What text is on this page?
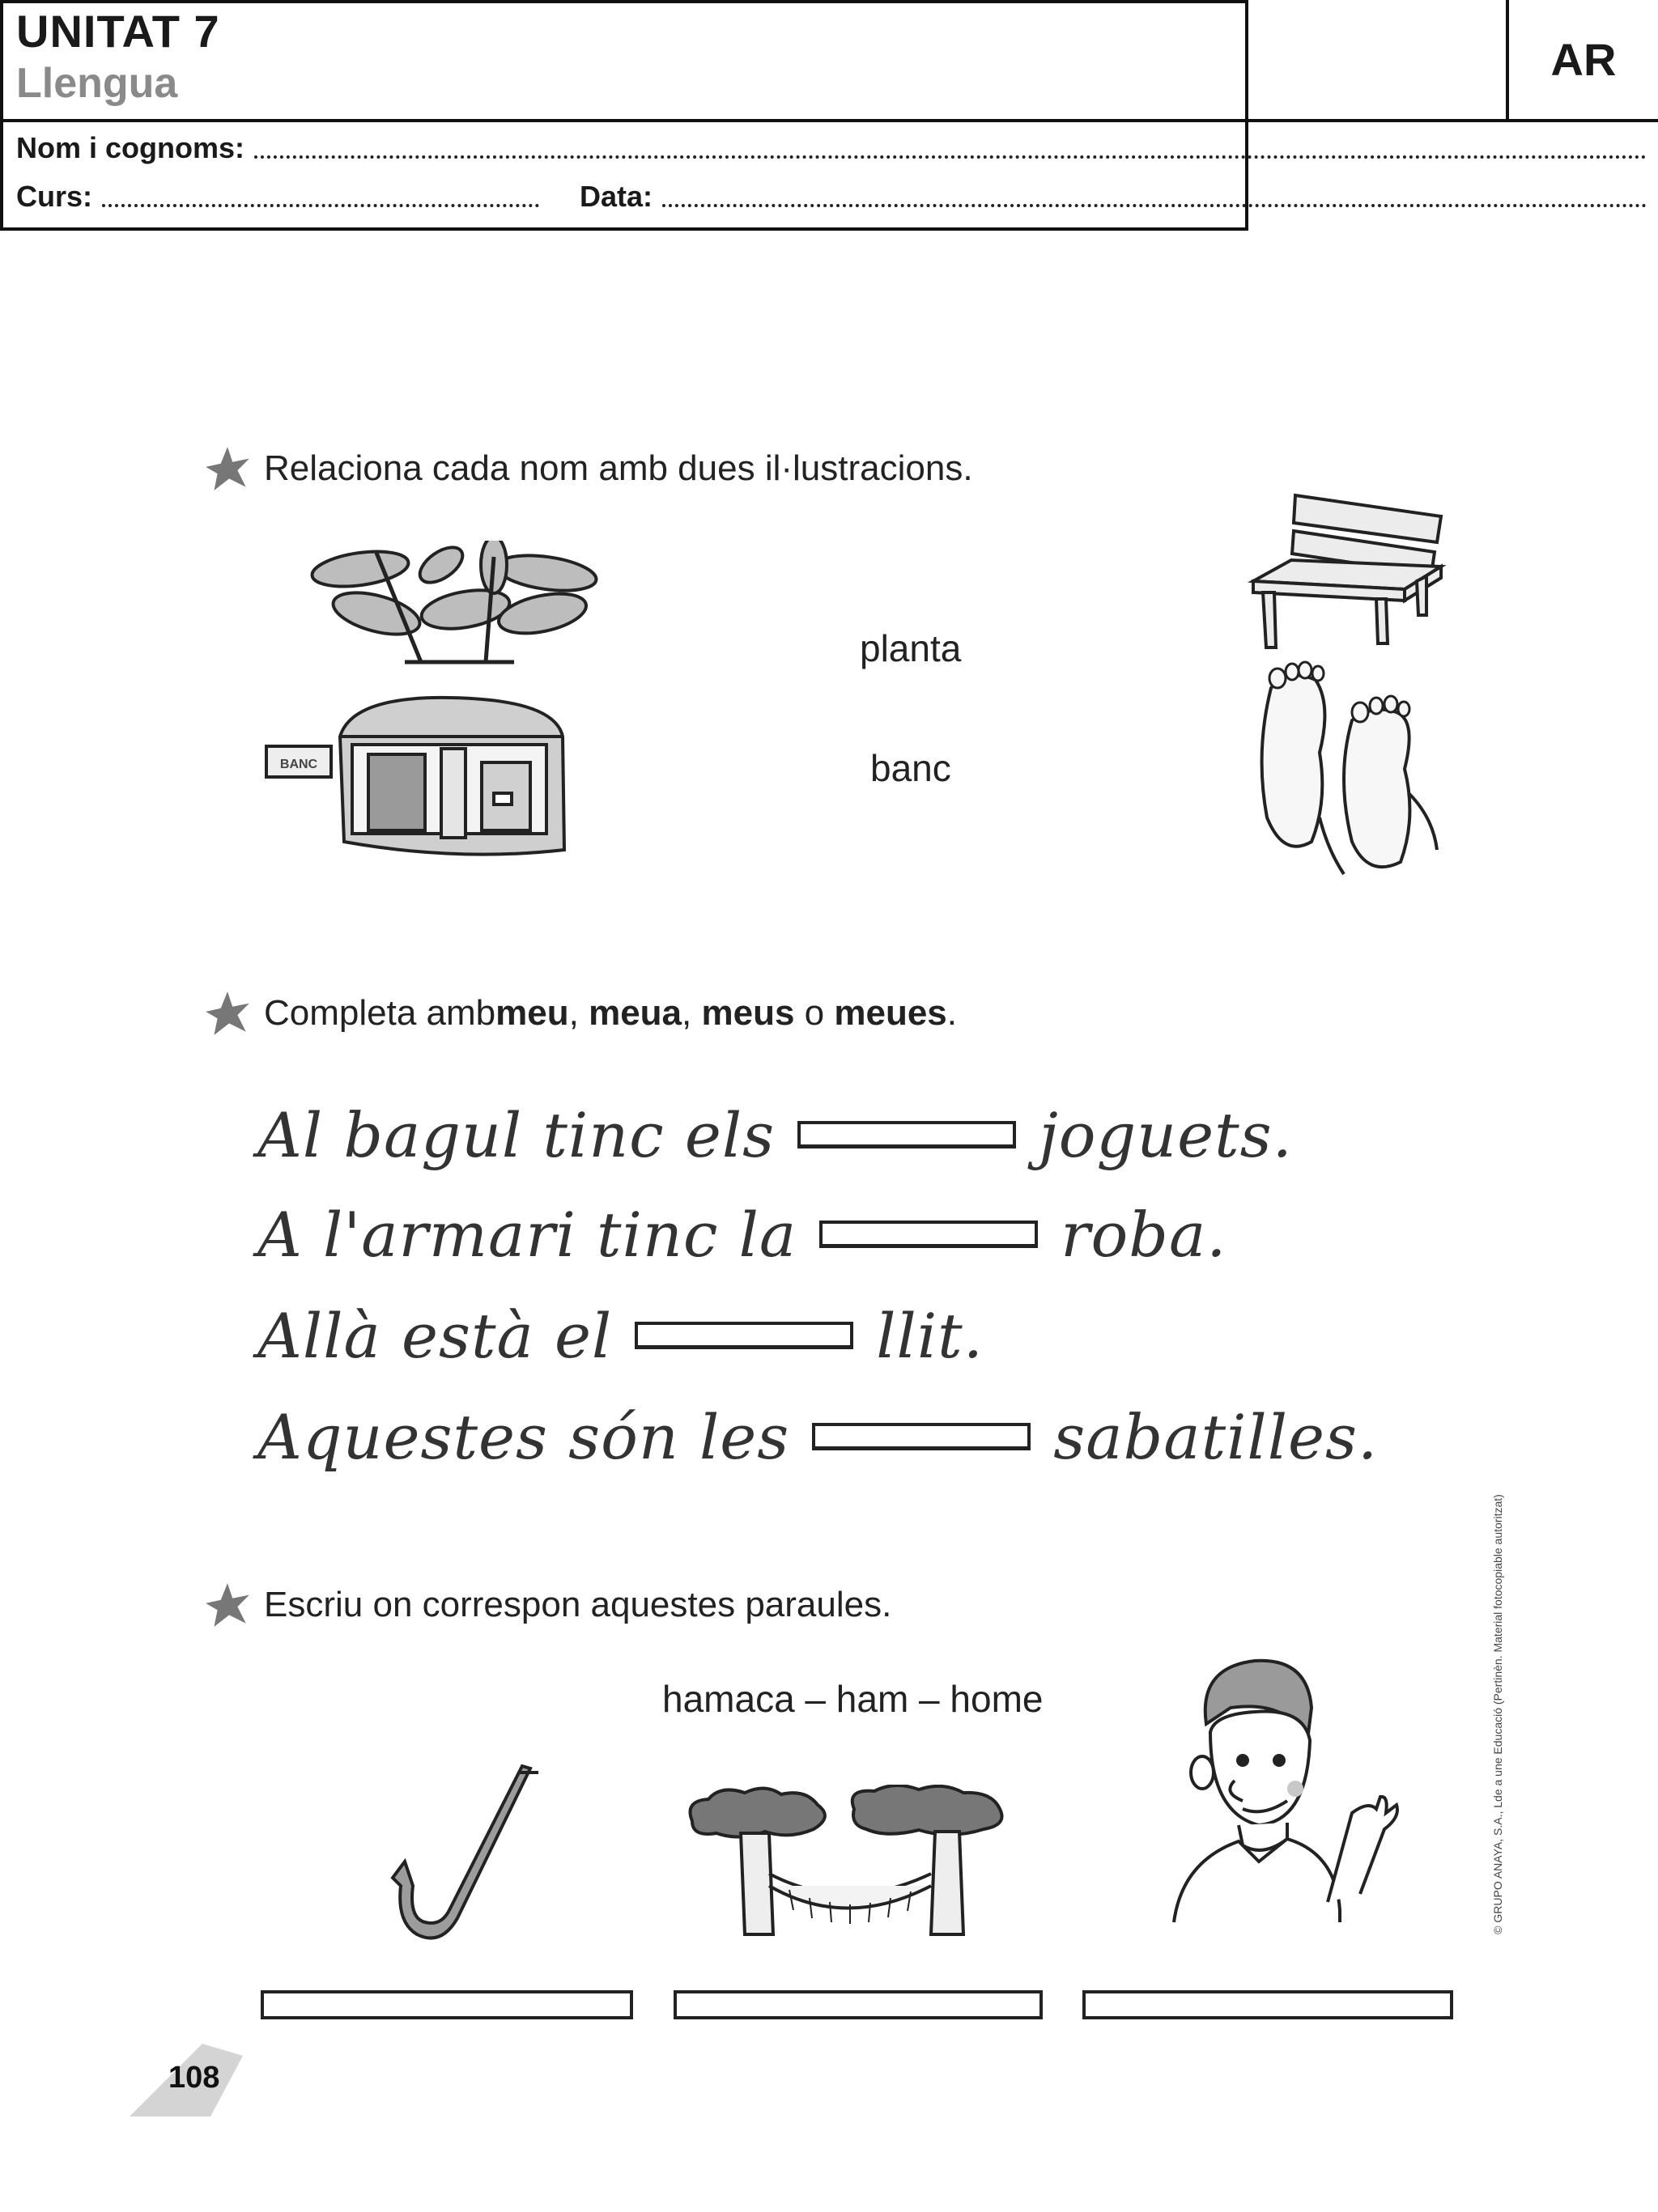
UNITAT 7
Llengua	AR
Nom i cognoms:
Curs:	Data:
Relaciona cada nom amb dues il·lustracions.
BANC
planta
banc
Completa amb meu , meua , meus o meues .
Al bagul tinc els	joguets.
A l'armari tinc la	roba.
Allà està el	llit.
Aquestes són les	sabatilles.
Escriu on correspon aquestes paraules.
hamaca – ham – home	© GRUPO ANAYA, S.A., Lde a une Educació (Pertinèn. Material fotocopiable autoritzat)
108
